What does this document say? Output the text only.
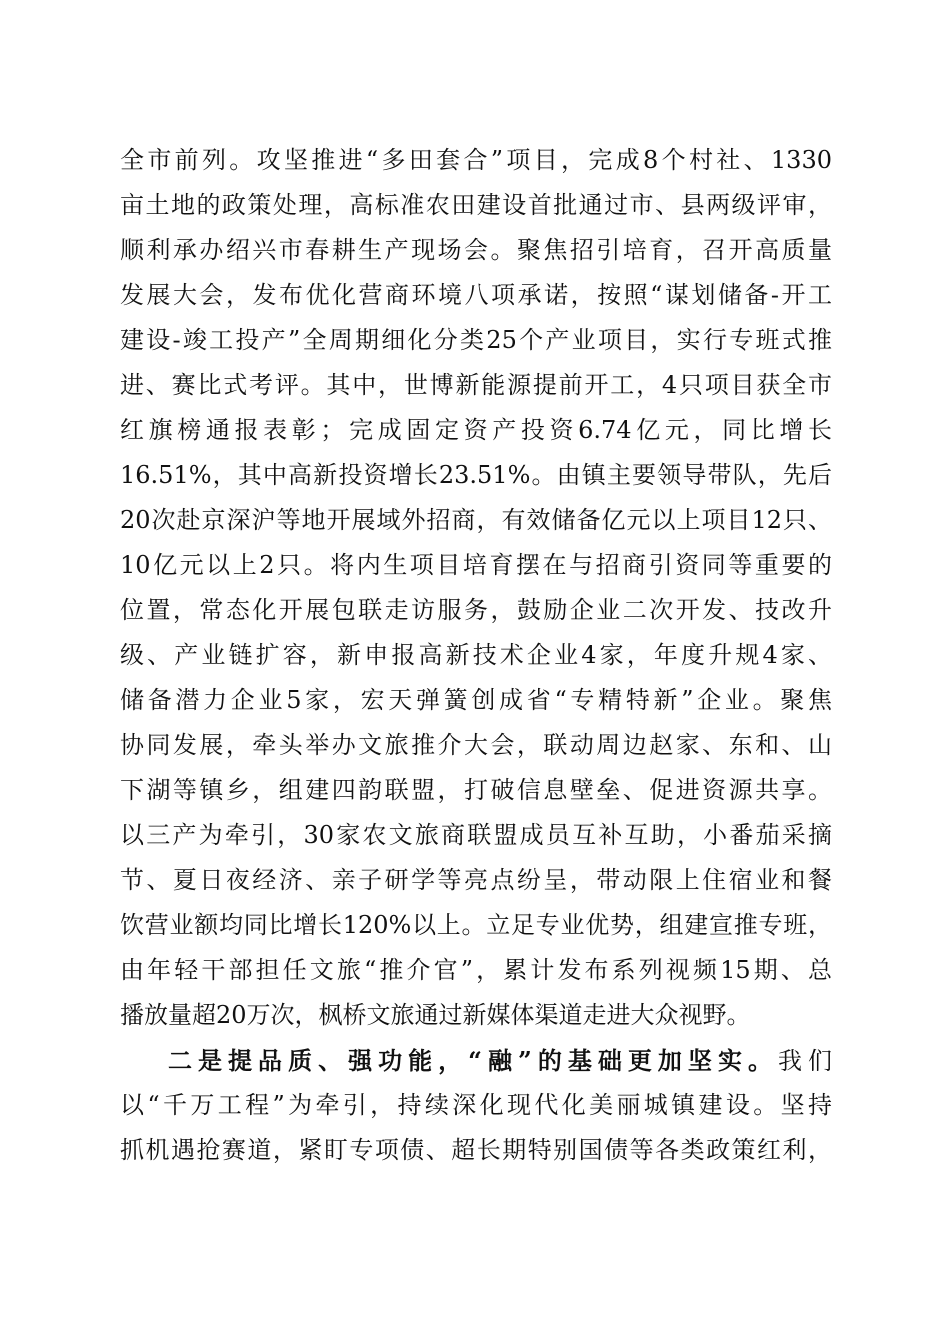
全市前列。攻坚推进“多田套合”项目，完成8个村社、1330
亩土地的政策处理，高标准农田建设首批通过市、县两级评审，
顺利承办绍兴市春耕生产现场会。聚焦招引培育，召开高质量
发展大会，发布优化营商环境八项承诺，按照“谋划储备-开工
建设-竣工投产”全周期细化分类25个产业项目，实行专班式推
进、赛比式考评。其中，世博新能源提前开工，4只项目获全市
红旗榜通报表彰；完成固定资产投资6.74亿元，同比增长
16.51%，其中高新投资增长23.51%。由镇主要领导带队，先后
20次赴京深沪等地开展域外招商，有效储备亿元以上项目12只、
10亿元以上2只。将内生项目培育摆在与招商引资同等重要的
位置，常态化开展包联走访服务，鼓励企业二次开发、技改升
级、产业链扩容，新申报高新技术企业4家，年度升规4家、
储备潜力企业5家，宏天弹簧创成省“专精特新”企业。聚焦
协同发展，牵头举办文旅推介大会，联动周边赵家、东和、山
下湖等镇乡，组建四韵联盟，打破信息壁垒、促进资源共享。
以三产为牵引，30家农文旅商联盟成员互补互助，小番茄采摘
节、夏日夜经济、亲子研学等亮点纷呈，带动限上住宿业和餐
饮营业额均同比增长120%以上。立足专业优势，组建宣推专班，
由年轻干部担任文旅“推介官”，累计发布系列视频15期、总
播放量超20万次，枫桥文旅通过新媒体渠道走进大众视野。
二是提品质、强功能，“融”的基础更加坚实。我们
以“千万工程”为牵引，持续深化现代化美丽城镇建设。坚持
抓机遇抢赛道，紧盯专项债、超长期特别国债等各类政策红利，
